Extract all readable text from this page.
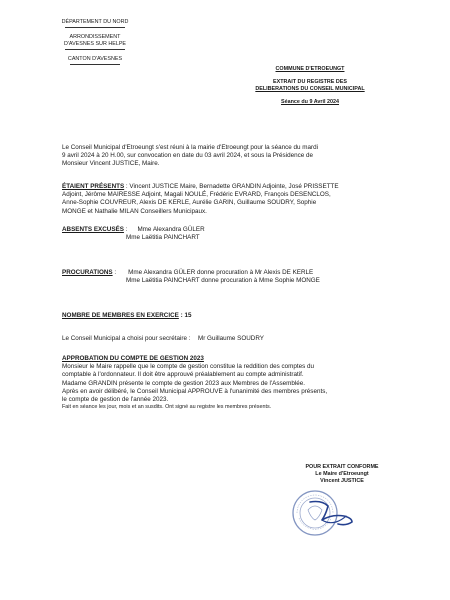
DÉPARTEMENT DU NORD
ARRONDISSEMENT
D'AVESNES SUR HELPE
CANTON D'AVESNES
COMMUNE D'ETROEUNGT
EXTRAIT DU REGISTRE DES
DELIBERATIONS DU CONSEIL MUNICIPAL
Séance du 9 Avril 2024
Le Conseil Municipal d'Etroeungt s'est réuni à la mairie d'Etroeungt pour la séance du mardi
9 avril 2024 à 20 H.00, sur convocation en date du 03 avril 2024, et sous la Présidence de
Monsieur Vincent JUSTICE, Maire.
ÉTAIENT PRÉSENTS : Vincent JUSTICE Maire, Bernadette GRANDIN Adjointe, José PRISSETTE
Adjoint, Jérôme MAIRESSE Adjoint, Magali NOULÉ, Frédéric EVRARD, François DESENCLOS,
Anne-Sophie COUVREUR, Alexis DE KERLE, Aurélie GARIN, Guillaume SOUDRY, Sophie
MONGE et Nathalie MILAN Conseillers Municipaux.
ABSENTS EXCUSÉS : Mme Alexandra GÜLER
Mme Laëtitia PAINCHART
PROCURATIONS : Mme Alexandra GÜLER donne procuration à Mr Alexis DE KERLE
Mme Laëtitia PAINCHART donne procuration à Mme Sophie MONGE
NOMBRE DE MEMBRES EN EXERCICE : 15
Le Conseil Municipal a choisi pour secrétaire : Mr Guillaume SOUDRY
APPROBATION DU COMPTE DE GESTION 2023
Monsieur le Maire rappelle que le compte de gestion constitue la reddition des comptes du
comptable à l'ordonnateur. Il doit être approuvé préalablement au compte administratif.
Madame GRANDIN présente le compte de gestion 2023 aux Membres de l'Assemblée.
Après en avoir délibéré, le Conseil Municipal APPROUVE à l'unanimité des membres présents,
le compte de gestion de l'année 2023.
Fait en séance les jour, mois et an susdits. Ont signé au registre les membres présents.
POUR EXTRAIT CONFORME
Le Maire d'Etroeungt
Vincent JUSTICE
